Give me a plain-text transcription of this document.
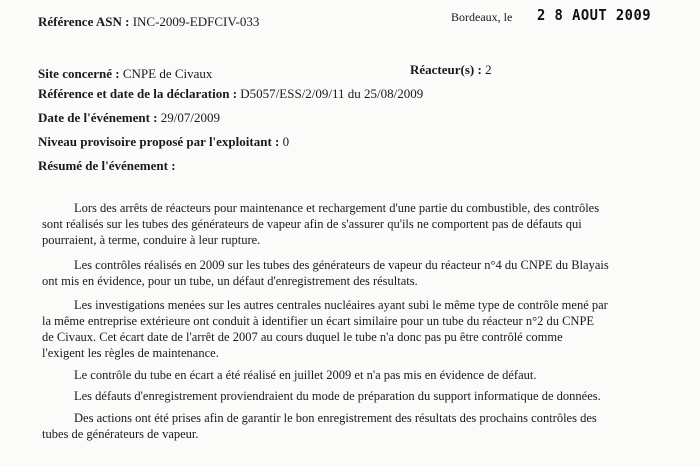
Référence ASN : INC-2009-EDFCIV-033	Bordeaux, le 2 8 AOUT 2009
Site concerné : CNPE de Civaux	Réacteur(s) : 2
Référence et date de la déclaration : D5057/ESS/2/09/11 du 25/08/2009
Date de l'événement : 29/07/2009
Niveau provisoire proposé par l'exploitant : 0
Résumé de l'événement :
Lors des arrêts de réacteurs pour maintenance et rechargement d'une partie du combustible, des contrôles
sont réalisés sur les tubes des générateurs de vapeur afin de s'assurer qu'ils ne comportent pas de défauts qui
pourraient, à terme, conduire à leur rupture.
Les contrôles réalisés en 2009 sur les tubes des générateurs de vapeur du réacteur n°4 du CNPE du Blayais
ont mis en évidence, pour un tube, un défaut d'enregistrement des résultats.
Les investigations menées sur les autres centrales nucléaires ayant subi le même type de contrôle mené par
la même entreprise extérieure ont conduit à identifier un écart similaire pour un tube du réacteur n°2 du CNPE
de Civaux. Cet écart date de l'arrêt de 2007 au cours duquel le tube n'a donc pas pu être contrôlé comme
l'exigent les règles de maintenance.
Le contrôle du tube en écart a été réalisé en juillet 2009 et n'a pas mis en évidence de défaut.
Les défauts d'enregistrement proviendraient du mode de préparation du support informatique de données.
Des actions ont été prises afin de garantir le bon enregistrement des résultats des prochains contrôles des
tubes de générateurs de vapeur.
